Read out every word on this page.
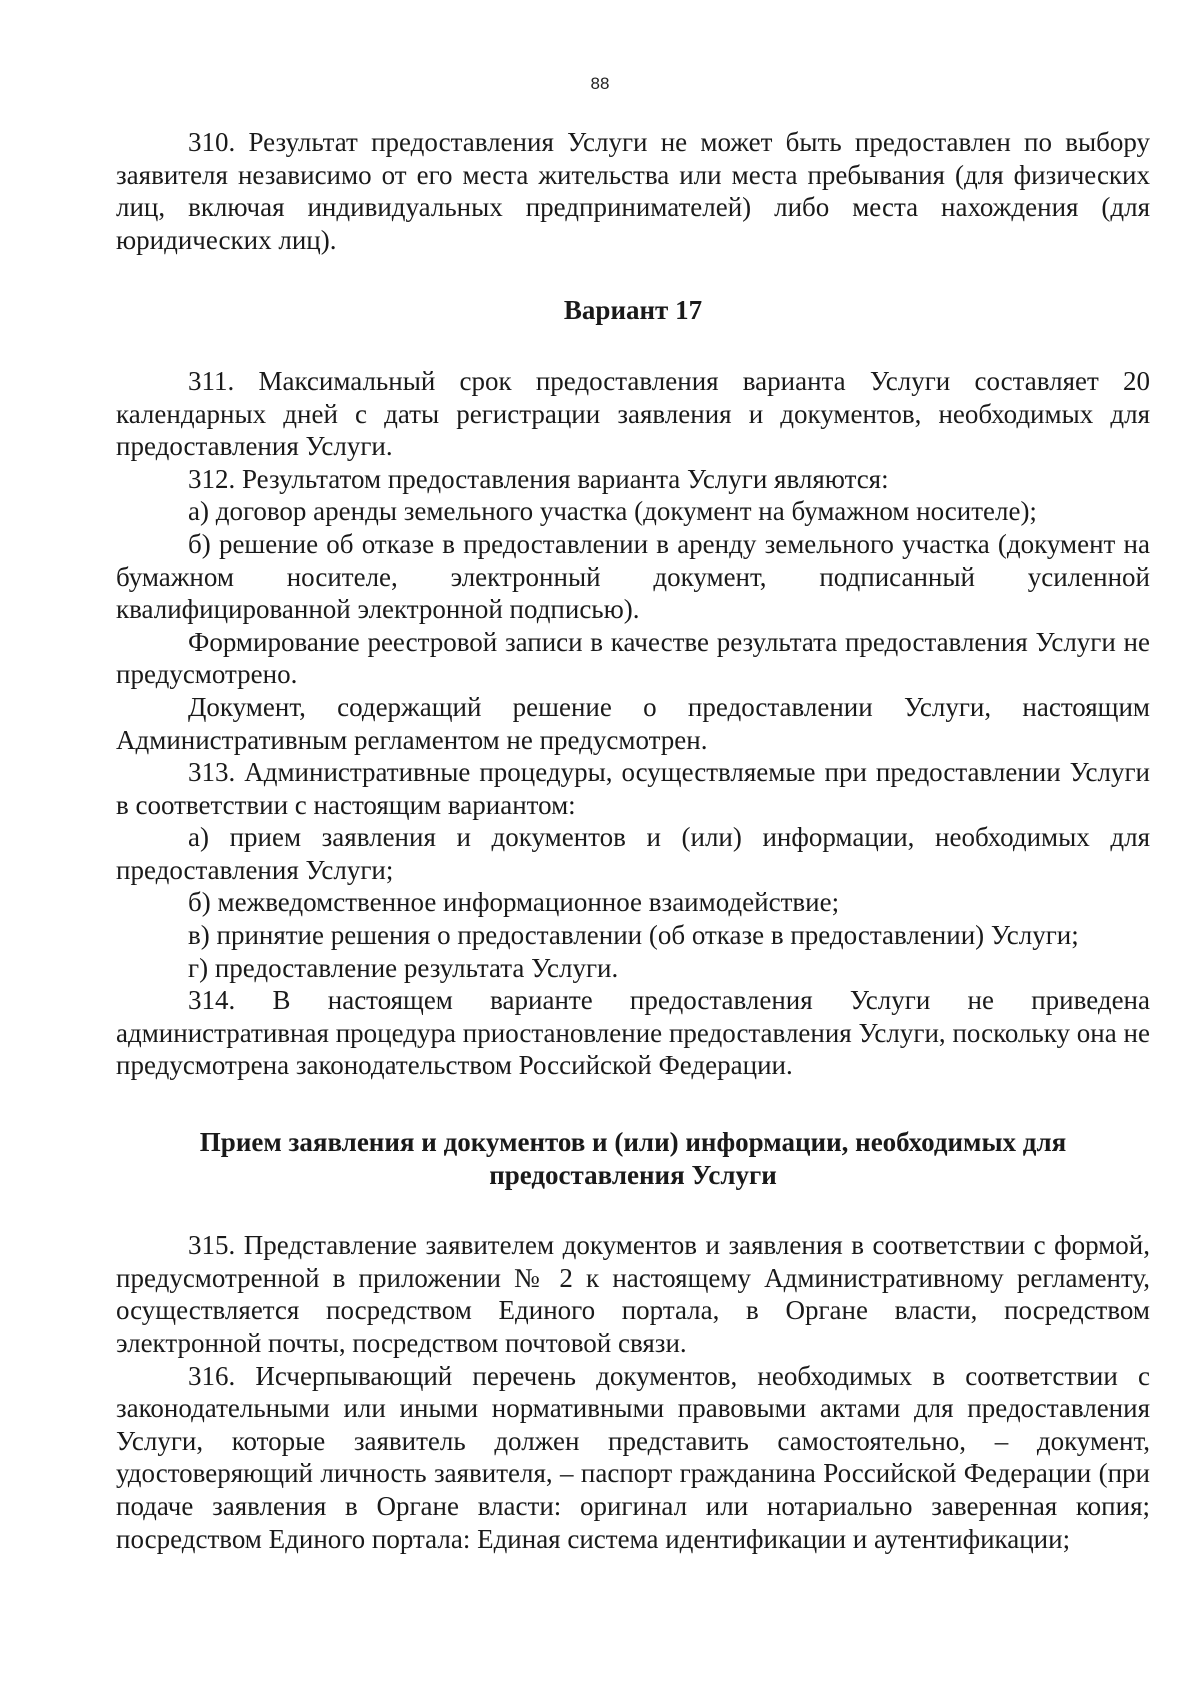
88

310. Результат предоставления Услуги не может быть предоставлен по выбору заявителя независимо от его места жительства или места пребывания (для физических лиц, включая индивидуальных предпринимателей) либо места нахождения (для юридических лиц).

Вариант 17

311. Максимальный срок предоставления варианта Услуги составляет 20 календарных дней с даты регистрации заявления и документов, необходимых для предоставления Услуги.

312. Результатом предоставления варианта Услуги являются:

а) договор аренды земельного участка (документ на бумажном носителе);

б) решение об отказе в предоставлении в аренду земельного участка (документ на бумажном носителе, электронный документ, подписанный усиленной квалифицированной электронной подписью).

Формирование реестровой записи в качестве результата предоставления Услуги не предусмотрено.

Документ, содержащий решение о предоставлении Услуги, настоящим Административным регламентом не предусмотрен.

313. Административные процедуры, осуществляемые при предоставлении Услуги в соответствии с настоящим вариантом:

а) прием заявления и документов и (или) информации, необходимых для предоставления Услуги;

б) межведомственное информационное взаимодействие;

в) принятие решения о предоставлении (об отказе в предоставлении) Услуги;

г) предоставление результата Услуги.

314. В настоящем варианте предоставления Услуги не приведена административная процедура приостановление предоставления Услуги, поскольку она не предусмотрена законодательством Российской Федерации.

Прием заявления и документов и (или) информации, необходимых для предоставления Услуги

315. Представление заявителем документов и заявления в соответствии с формой, предусмотренной в приложении № 2 к настоящему Административному регламенту, осуществляется посредством Единого портала, в Органе власти, посредством электронной почты, посредством почтовой связи.

316. Исчерпывающий перечень документов, необходимых в соответствии с законодательными или иными нормативными правовыми актами для предоставления Услуги, которые заявитель должен представить самостоятельно, – документ, удостоверяющий личность заявителя, – паспорт гражданина Российской Федерации (при подаче заявления в Органе власти: оригинал или нотариально заверенная копия; посредством Единого портала: Единая система идентификации и аутентификации;
